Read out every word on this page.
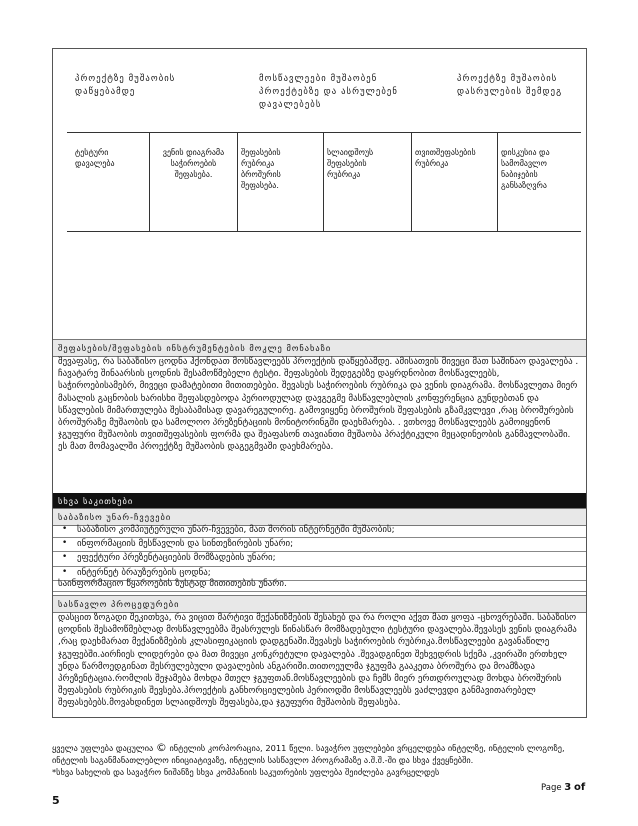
პროექტზე მუშაობის
დაწყებამდე
მოსწავლეები მუშაობენ
პროექტებზე და ასრულებენ
დავალებებს
პროექტზე მუშაობის
დასრულების შემდეგ
ტესტური
დავალება
ვენის დიაგრამა
საჭიროების
შეფასება.
შეფასების
რუბრიკა
ბროშურის
შეფასება.
სლაიდშოუს
შეფასების
რუბრიკა
თვითშეფასების
რუბრიკა
დისკუსია და
სამომავლო
ნაბიჯების
განსაზღვრა
შეფასების/შეფასების ინსტრუმენტების მოკლე მონახაზი
შევაფასე, რა საბაზისო ცოდნა ჰქონდათ მოსწავლეებს პროექტის დაწყებამდე. ამისათვის მივეცი მათ საშინაო დავალება . ჩავატარე შინაარსის ცოდნის შესამოწმებელი ტესტი. შეფასების შედეგებზე დაყრდნობით მოსწავლეებს, საჭიროებისამებრ, მივეცი დამატებითი მითითებები. შევასეს საჭიროების რუბრიკა და ვენის დიაგრამა. მოსწავლეთა მიერ მასალის გაცნობის ხარისხი შეფასდებოდა პერიოდულად დავგეგმე მასწავლებლის კონფერენცია გუნდებთან და სწავლების მიმართულება შესაბამისად დავარეგულირე. გამოვიყენე ბროშურის შეფასების გზამკვლევი ,რაც ბროშურების ბროშურაზე მუშაობის და სამოლოო პრეზენტაციის მონიტორინგში დაეხმარება. . ვთხოვე მოსწავლეებს გამოიყენონ ჯგუფური მუშაობის თვითშეფასების ფორმა და შეაფასონ თავიანთი მუშაობა პრაქტიკული მეცადინეობის განმავლობაში. ეს მათ მომავალში პროექტზე მუშაობის დაგეგმვაში დაეხმარება.
სხვა საკითხები
საბაზისო უნარ-ჩვევები
• საბაზისო კომპიუტერული უნარ-ჩვევები, მათ შორის ინტერნეტში მუშაობის;
• ინფორმაციის მესწავლის და სინთეზირების უნარი;
• ეფექტური პრეზენტაციების მომზადების უნარი;
• ინტერნეტ ბრაუზერების ცოდნა;
საინფორმაციო წყაროების ზუსტად მითითების უნარი.
სასწავლო პროცედურები
დასცით ზოგადი შეკითხვა, რა ვიცით მარტივი მექანიზმების შესახებ და რა როლი აქვთ მათ ყოფა -ცხოვრებაში. საბაზისო ცოდნის შესამოწმებლად მოსწავლეებმა შეასრულეს წინასწარ მომზადებული ტესტური დავალება.შევასეს ვენის დიაგრამა ,რაც დაეხმარათ მექანიზმების კლასიფიკაციის დადგენაში.შევასეს საჭიროების რუბრიკა.მოსწავლეები გავანაწილე ჯგუფებში.აირჩიეს ლიდერები და მათ მივეცი კონკრეტული დავალება .შევადგინეთ შეხვედრის სქემა ,კვირაში ერთხელ უნდა წარმოედგინათ შესრულებული დავალების ანგარიში.თითოეულმა ჯგუფმა გააკეთა ბროშურა და მოამზადა პრეზენტაცია.რომლის შეჯამება მოხდა მთელ ჯგუფთან.მოსწავლეების და ჩემს მიერ ერთდროულად მოხდა ბროშურის შეფასების რუბრიკის შევსება.პროექტის განხორციელების პერიოდში მოსწავლეებს ვაძლევდი განმავითარებელ შეფასებებს.მოვახდინეთ სლაიდშოუს შეფასება,და ჯგუფური მუშაობის შეფასება.

ყველა უფლება დაცულია © ინტელის კორპორაცია, 2011 წელი. სავაჭრო უფლებები ვრცელდება ინტელზე, ინტელის ლოგოზე, ინტელის საგანმანათლებლო ინიციატივაზე, ინტელის სასწავლო პროგრამაზე ა.შ.შ.-ში და სხვა ქვეყნებში.

*სხვა სახელის და სავაჭრო ნიშანზე სხვა კომპანიის საკუთრების უფლება შეიძლება გავრცელდეს

Page 3 of
5
